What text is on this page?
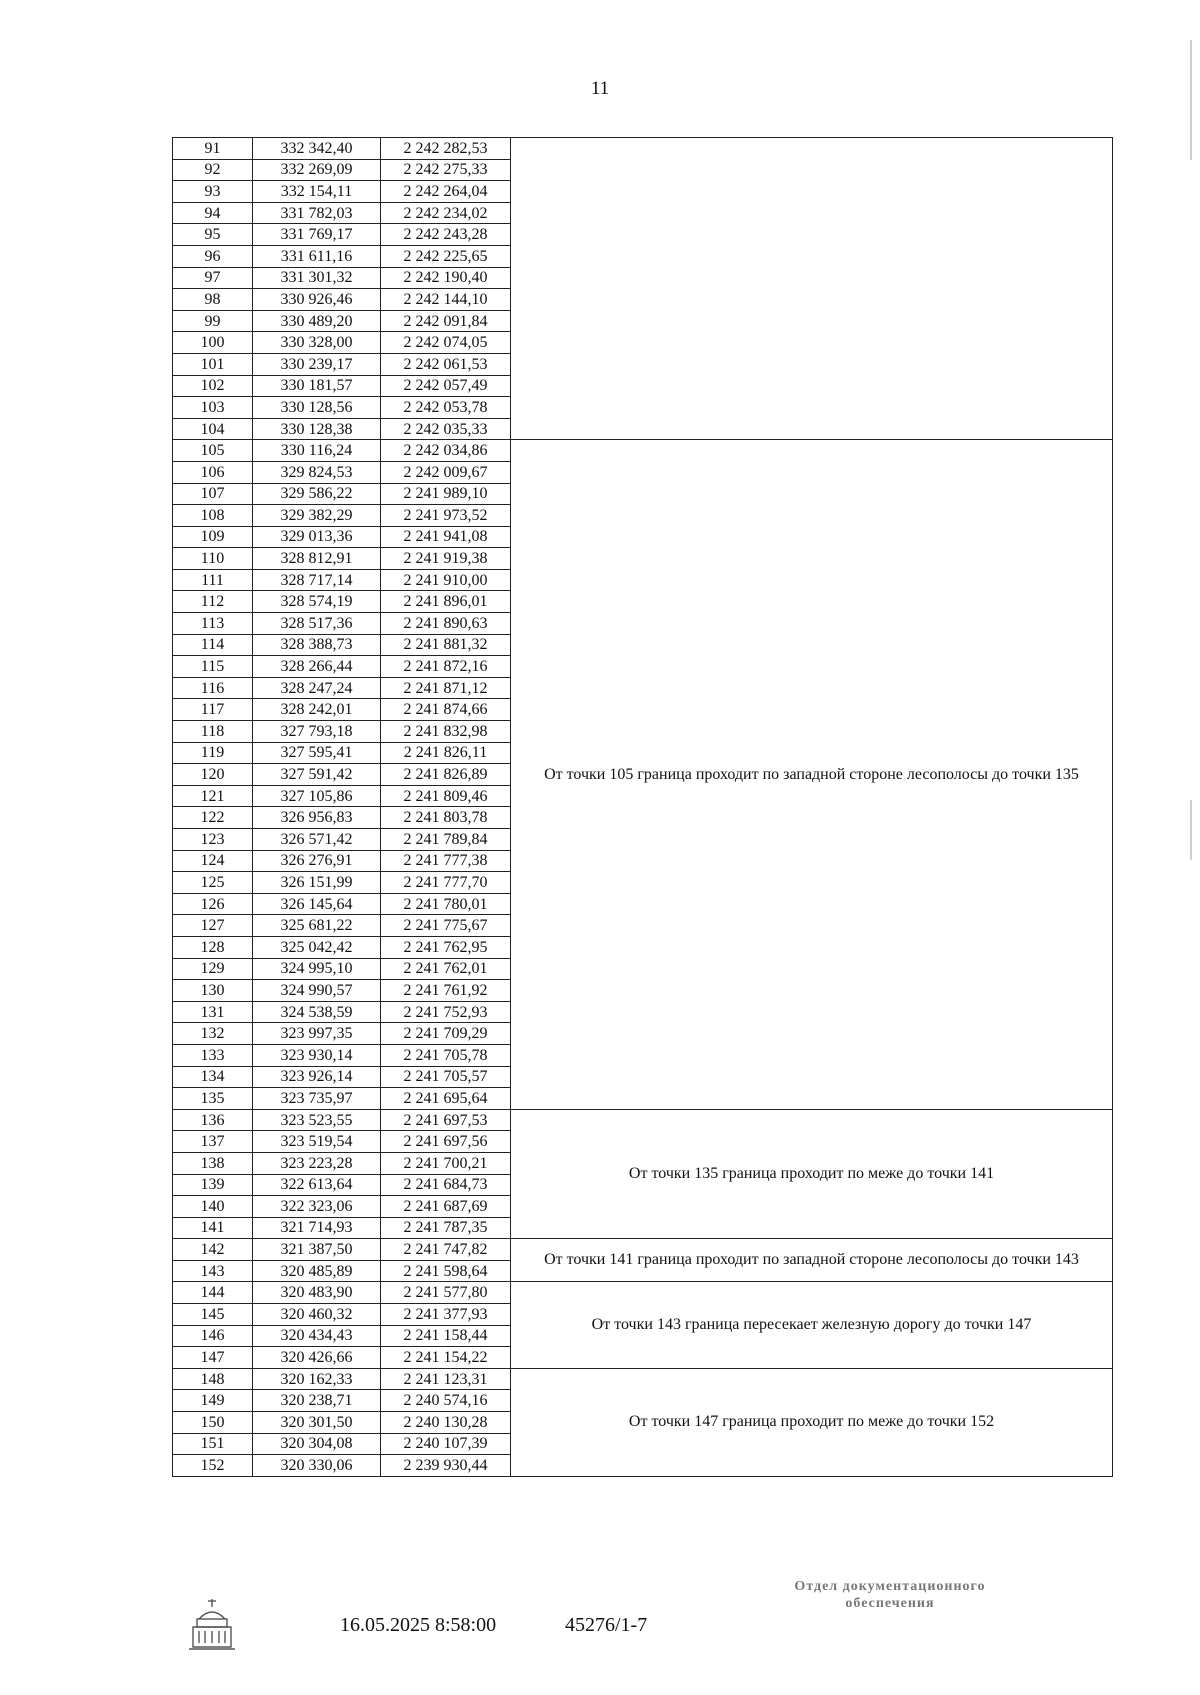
11
91	332 342,40	2 242 282,53	
92	332 269,09	2 242 275,33	
93	332 154,11	2 242 264,04	
94	331 782,03	2 242 234,02	
95	331 769,17	2 242 243,28	
96	331 611,16	2 242 225,65	
97	331 301,32	2 242 190,40	
98	330 926,46	2 242 144,10	
99	330 489,20	2 242 091,84	
100	330 328,00	2 242 074,05	
101	330 239,17	2 242 061,53	
102	330 181,57	2 242 057,49	
103	330 128,56	2 242 053,78	
104	330 128,38	2 242 035,33	
105	330 116,24	2 242 034,86	От точки 105 граница проходит по западной стороне лесополосы до точки 135
106	329 824,53	2 242 009,67	
107	329 586,22	2 241 989,10	
108	329 382,29	2 241 973,52	
109	329 013,36	2 241 941,08	
110	328 812,91	2 241 919,38	
111	328 717,14	2 241 910,00	
112	328 574,19	2 241 896,01	
113	328 517,36	2 241 890,63	
114	328 388,73	2 241 881,32	
115	328 266,44	2 241 872,16	
116	328 247,24	2 241 871,12	
117	328 242,01	2 241 874,66	
118	327 793,18	2 241 832,98	
119	327 595,41	2 241 826,11	
120	327 591,42	2 241 826,89	
121	327 105,86	2 241 809,46	
122	326 956,83	2 241 803,78	
123	326 571,42	2 241 789,84	
124	326 276,91	2 241 777,38	
125	326 151,99	2 241 777,70	
126	326 145,64	2 241 780,01	
127	325 681,22	2 241 775,67	
128	325 042,42	2 241 762,95	
129	324 995,10	2 241 762,01	
130	324 990,57	2 241 761,92	
131	324 538,59	2 241 752,93	
132	323 997,35	2 241 709,29	
133	323 930,14	2 241 705,78	
134	323 926,14	2 241 705,57	
135	323 735,97	2 241 695,64	
136	323 523,55	2 241 697,53	От точки 135 граница проходит по меже до точки 141
137	323 519,54	2 241 697,56	
138	323 223,28	2 241 700,21	
139	322 613,64	2 241 684,73	
140	322 323,06	2 241 687,69	
141	321 714,93	2 241 787,35	
142	321 387,50	2 241 747,82	От точки 141 граница проходит по западной стороне лесополосы до точки 143
143	320 485,89	2 241 598,64	
144	320 483,90	2 241 577,80	От точки 143 граница пересекает железную дорогу до точки 147
145	320 460,32	2 241 377,93	
146	320 434,43	2 241 158,44	
147	320 426,66	2 241 154,22	
148	320 162,33	2 241 123,31	От точки 147 граница проходит по меже до точки 152
149	320 238,71	2 240 574,16	
150	320 301,50	2 240 130,28	
151	320 304,08	2 240 107,39	
152	320 330,06	2 239 930,44	
16.05.2025 8:58:00	45276/1-7
Отдел документационного
обеспечения
